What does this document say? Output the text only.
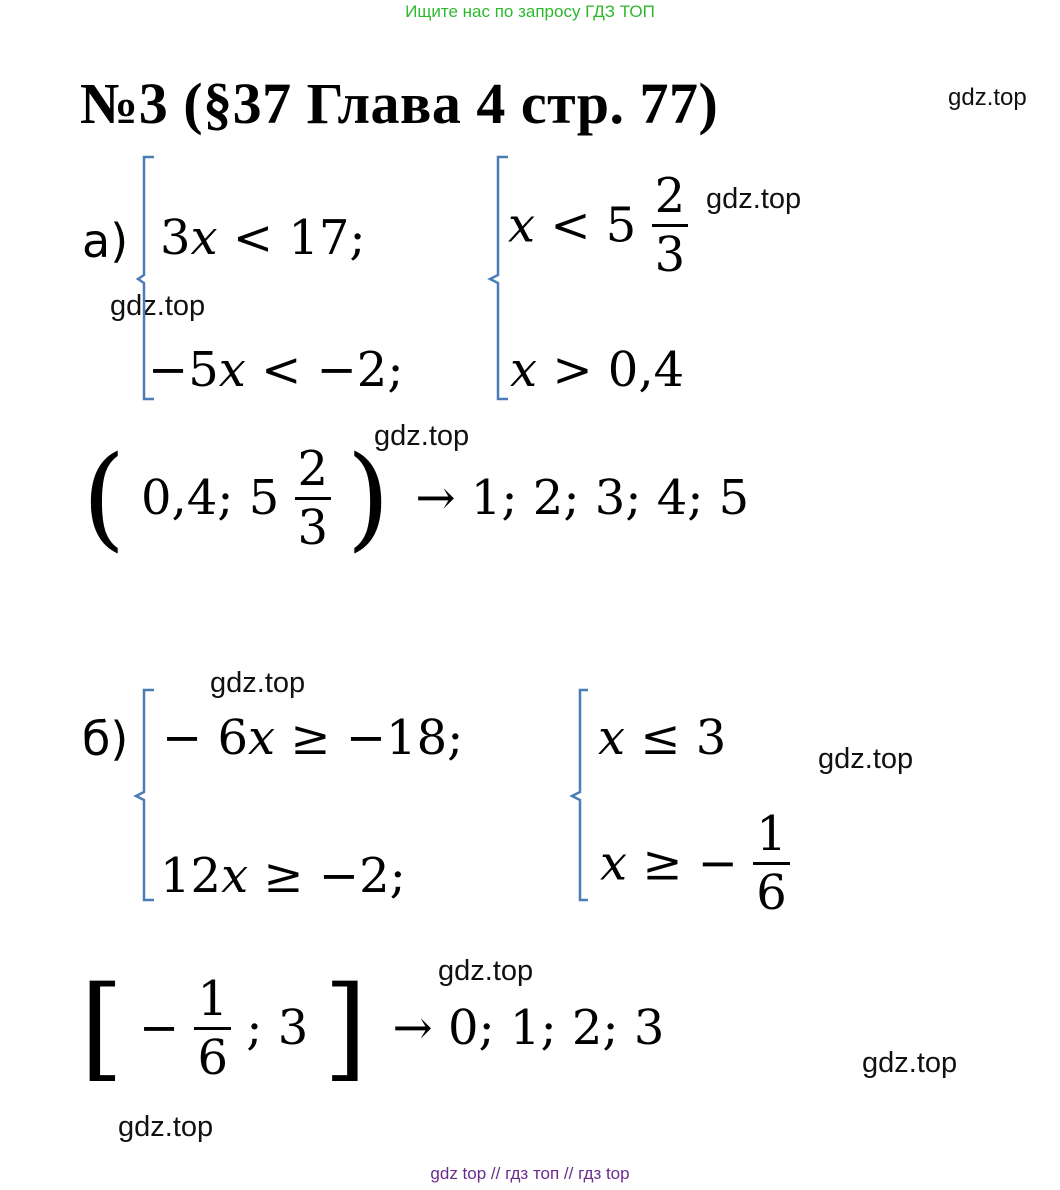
Ищите нас по запросу ГДЗ ТОП
№3 (§37 Глава 4 стр. 77)	gdz.top
gdz.top
gdz.top
gdz.top
gdz.top
gdz.top
gdz.top
gdz.top
gdz.top
а) 3𝑥 < 17;
−5𝑥 < −2;
𝑥 < $5 \frac{2}{3}$
𝑥 > 0,4
( 0,4; $5 \frac{2}{3}$ ) → 1; 2; 3; 4; 5
б) − 6𝑥 ≥ −18;
12𝑥 ≥ −2;
𝑥 ≤ 3
𝑥 ≥ − $\frac{1}{6}$
[ − $\frac{1}{6}$ ; 3 ] → 0; 1; 2; 3
gdz top // гдз топ // гдз top
